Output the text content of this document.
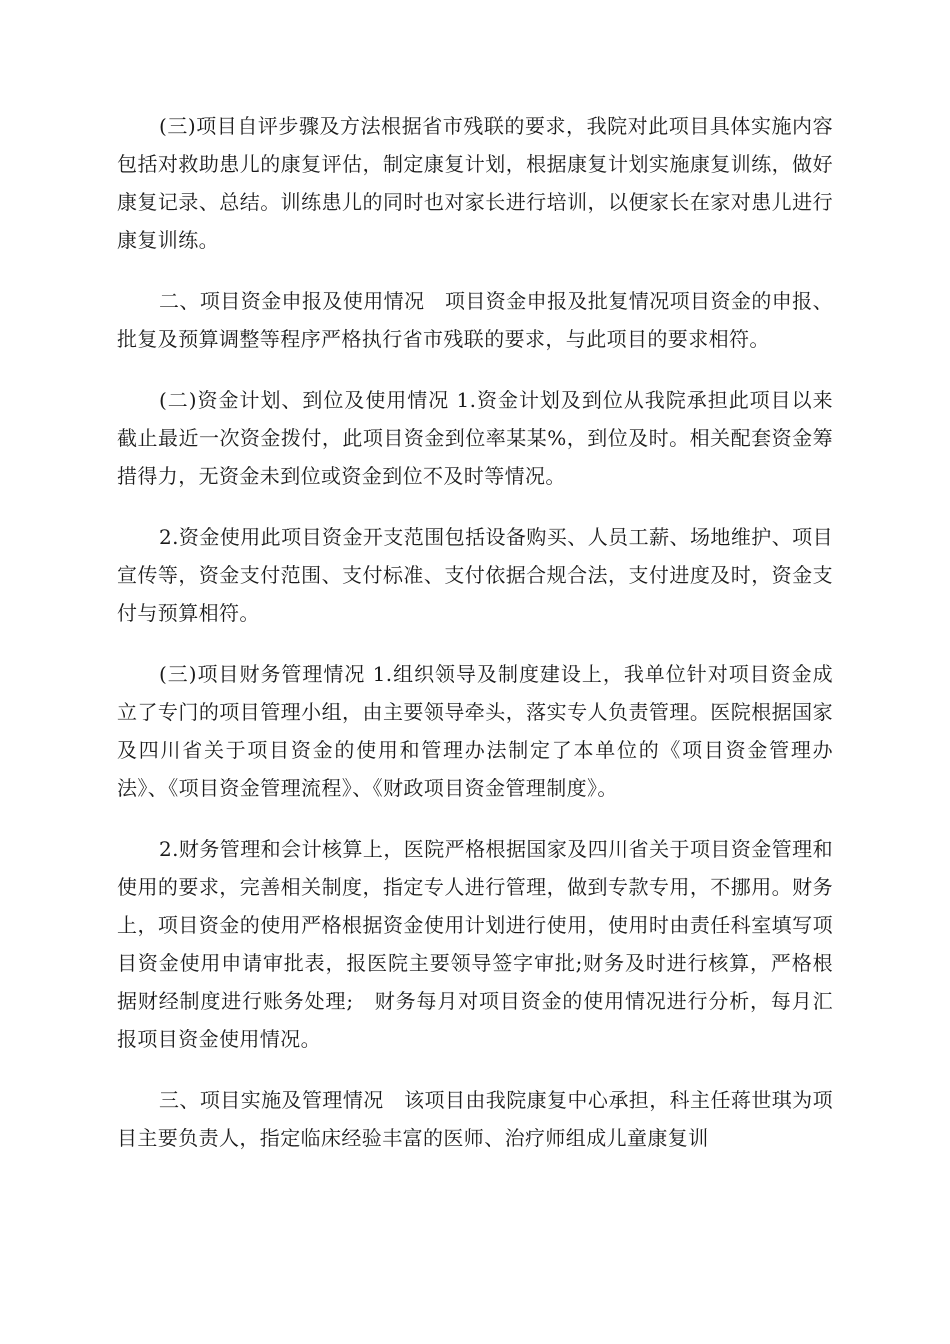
(三)项目自评步骤及方法根据省市残联的要求，我院对此项目具体实施内容包括对救助患儿的康复评估，制定康复计划，根据康复计划实施康复训练，做好康复记录、总结。训练患儿的同时也对家长进行培训，以便家长在家对患儿进行康复训练。

二、项目资金申报及使用情况　项目资金申报及批复情况项目资金的申报、批复及预算调整等程序严格执行省市残联的要求，与此项目的要求相符。

(二)资金计划、到位及使用情况 1.资金计划及到位从我院承担此项目以来截止最近一次资金拨付，此项目资金到位率某某%，到位及时。相关配套资金筹措得力，无资金未到位或资金到位不及时等情况。

2.资金使用此项目资金开支范围包括设备购买、人员工薪、场地维护、项目宣传等，资金支付范围、支付标准、支付依据合规合法，支付进度及时，资金支付与预算相符。

(三)项目财务管理情况 1.组织领导及制度建设上，我单位针对项目资金成立了专门的项目管理小组，由主要领导牵头，落实专人负责管理。医院根据国家及四川省关于项目资金的使用和管理办法制定了本单位的《项目资金管理办法》、《项目资金管理流程》、《财政项目资金管理制度》。

2.财务管理和会计核算上，医院严格根据国家及四川省关于项目资金管理和使用的要求，完善相关制度，指定专人进行管理，做到专款专用，不挪用。财务上，项目资金的使用严格根据资金使用计划进行使用，使用时由责任科室填写项目资金使用申请审批表，报医院主要领导签字审批;财务及时进行核算，严格根据财经制度进行账务处理;　财务每月对项目资金的使用情况进行分析，每月汇报项目资金使用情况。

三、项目实施及管理情况　该项目由我院康复中心承担，科主任蒋世琪为项目主要负责人，指定临床经验丰富的医师、治疗师组成儿童康复训
